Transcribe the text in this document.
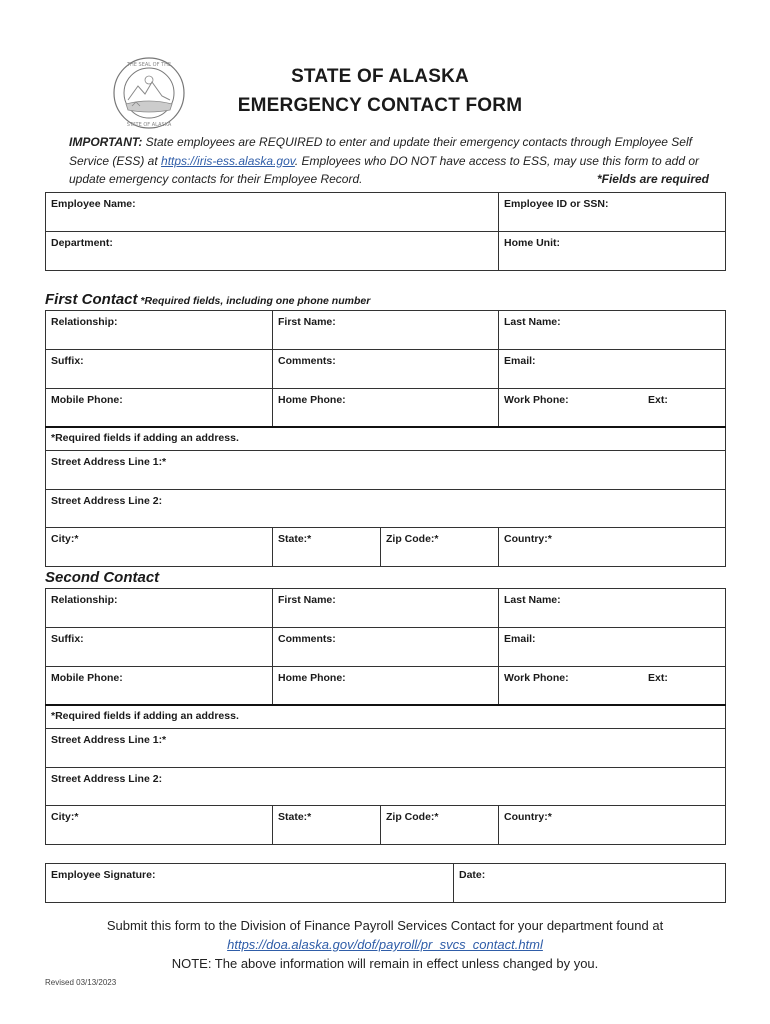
THE SEAL OF THE
STATE OF ALASKA
STATE OF ALASKA
EMERGENCY CONTACT FORM
IMPORTANT: State employees are REQUIRED to enter and update their emergency contacts through Employee Self Service (ESS) at https://iris-ess.alaska.gov. Employees who DO NOT have access to ESS, may use this form to add or update emergency contacts for their Employee Record.	*Fields are required
Employee Name:	Employee ID or SSN:
Department:	Home Unit:
First Contact *Required fields, including one phone number
Relationship:	First Name:		Last Name:
Suffix:	Comments:		Email:
Mobile Phone:	Home Phone:		Work Phone: Ext:

*Required fields if adding an address.			
Street Address Line 1:*			
Street Address Line 2:			
City:*	State:*	Zip Code:*	Country:*
Second Contact
Relationship:	First Name:		Last Name:
Suffix:	Comments:		Email:
Mobile Phone:	Home Phone:		Work Phone: Ext:

*Required fields if adding an address.			
Street Address Line 1:*			
Street Address Line 2:			
City:*	State:*	Zip Code:*	Country:*
Employee Signature:	Date:
Submit this form to the Division of Finance Payroll Services Contact for your department found at
https://doa.alaska.gov/dof/payroll/pr_svcs_contact.html
NOTE: The above information will remain in effect unless changed by you.
Revised 03/13/2023
